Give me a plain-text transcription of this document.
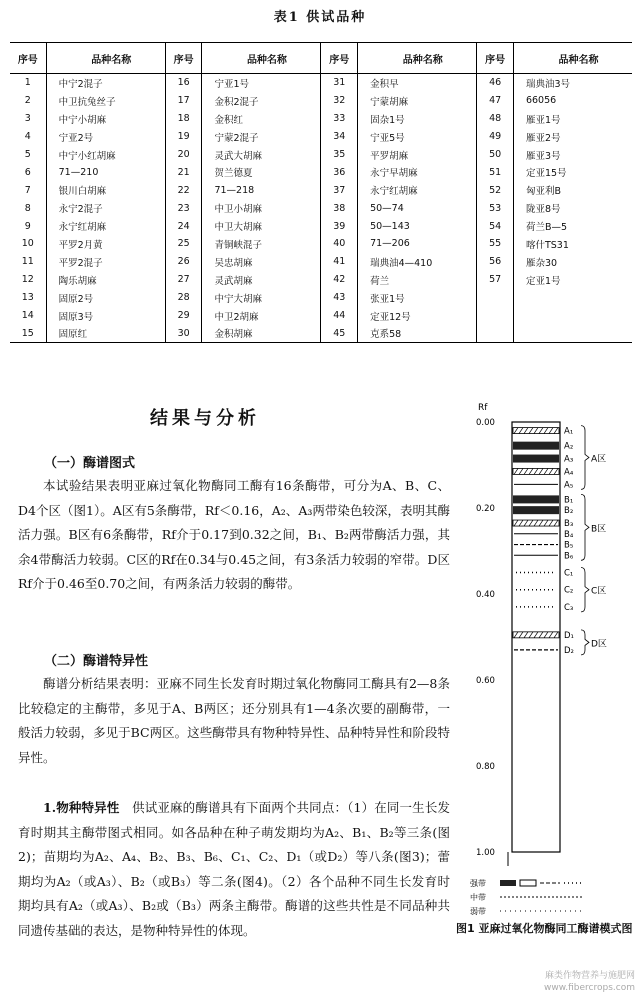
表1 供试品种
序号	品种名称	序号	品种名称	序号	品种名称	序号	品种名称
1	中宁2混子	16	宁亚1号	31	金积早	46	瑞典油3号
2	中卫抗兔丝子	17	金积2混子	32	宁蒙胡麻	47	66056
3	中宁小胡麻	18	金积红	33	固杂1号	48	雁亚1号
4	宁亚2号	19	宁蒙2混子	34	宁亚5号	49	雁亚2号
5	中宁小红胡麻	20	灵武大胡麻	35	平罗胡麻	50	雁亚3号
6	71—210	21	贺兰德夏	36	永宁早胡麻	51	定亚15号
7	银川白胡麻	22	71—218	37	永宁红胡麻	52	匈亚利B
8	永宁2混子	23	中卫小胡麻	38	50—74	53	陇亚8号
9	永宁红胡麻	24	中卫大胡麻	39	50—143	54	荷兰B—5
10	平罗2月黄	25	青铜峡混子	40	71—206	55	喀什TS31
11	平罗2混子	26	吴忠胡麻	41	瑞典油4—410	56	雁杂30
12	陶乐胡麻	27	灵武胡麻	42	荷兰	57	定亚1号
13	固原2号	28	中宁大胡麻	43	张亚1号		
14	固原3号	29	中卫2胡麻	44	定亚12号		
15	固原红	30	金积胡麻	45	克系58		
结果与分析
（一）酶谱图式
本试验结果表明亚麻过氧化物酶同工酶有16条酶带，可分为A、B、C、D4个区（图1）。A区有5条酶带，Rf＜0.16，A₂、A₃两带染色较深，表明其酶活力强。B区有6条酶带，Rf介于0.17到0.32之间，B₁、B₂两带酶活力强，其余4带酶活力较弱。C区的Rf在0.34与0.45之间，有3条活力较弱的窄带。D区Rf介于0.46至0.70之间，有两条活力较弱的酶带。
（二）酶谱特异性
酶谱分析结果表明：亚麻不同生长发育时期过氧化物酶同工酶具有2—8条比较稳定的主酶带，多见于A、B两区；还分别具有1—4条次要的副酶带，一般活力较弱，多见于BC两区。这些酶带具有物种特异性、品种特异性和阶段特异性。
1.物种特异性　 供试亚麻的酶谱具有下面两个共同点：（1）在同一生长发育时期其主酶带图式相同。如各品种在种子萌发期均为A₂、B₁、B₂等三条(图2)；苗期均为A₂、A₄、B₂、B₃、B₆、C₁、C₂、D₁（或D₂）等八条(图3)；蕾期均为A₂（或A₃）、B₂（或B₃）等二条(图4)。（2）各个品种不同生长发育时期均具有A₂（或A₃）、B₂或（B₃）两条主酶带。酶谱的这些共性是不同品种共同遗传基础的表达，是物种特异性的体现。
Rf
0.00
0.20
0.40
0.60
0.80
1.00
A₁
A₂
A₃
A₄
A₅
A区
B₁
B₂
B₃
B₄
B₅
B₆
B区
C₁
C₂
C₃
C区
D₁
D₂
D区
强带
中带
弱带
图1 亚麻过氧化物酶同工酶谱模式图
麻类作物营养与施肥网
www.fibercrops.com
